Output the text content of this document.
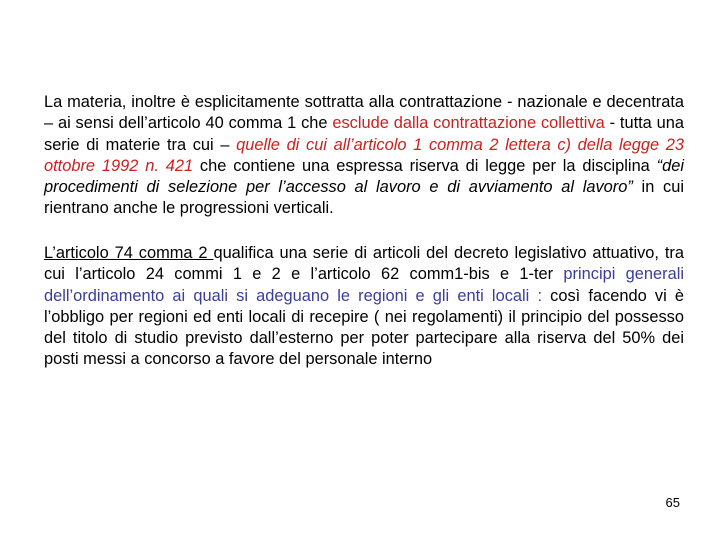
La materia, inoltre è esplicitamente sottratta alla contrattazione - nazionale e decentrata – ai sensi dell’articolo 40 comma 1 che esclude dalla contrattazione collettiva - tutta una serie di materie tra cui – quelle di cui all’articolo 1 comma 2 lettera c) della legge 23 ottobre 1992 n. 421 che contiene una espressa riserva di legge per la disciplina “dei procedimenti di selezione per l’accesso al lavoro e di avviamento al lavoro” in cui rientrano anche le progressioni verticali.

L’articolo 74 comma 2 qualifica una serie di articoli del decreto legislativo attuativo, tra cui l’articolo 24 commi 1 e 2 e l’articolo 62 comm1-bis e 1-ter principi generali dell’ordinamento ai quali si adeguano le regioni e gli enti locali : così facendo vi è l’obbligo per regioni ed enti locali di recepire ( nei regolamenti) il principio del possesso del titolo di studio previsto dall’esterno per poter partecipare alla riserva del 50% dei posti messi a concorso a favore del personale interno

65
